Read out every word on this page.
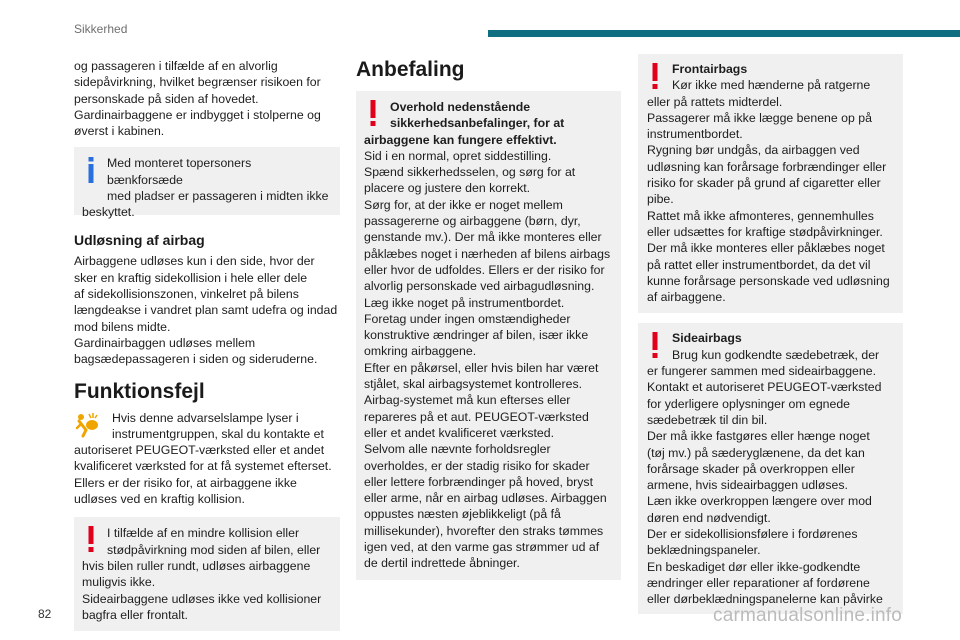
Sikkerhed

og passageren i tilfælde af en alvorlig

sidepåvirkning, hvilket begrænser risikoen for

personskade på siden af hovedet.

Gardinairbaggene er indbygget i stolperne og

øverst i kabinen.

Med monteret topersoners bænkforsæde

med pladser er passageren i midten ikke

beskyttet.

Udløsning af airbag

Airbaggene udløses kun i den side, hvor der

sker en kraftig sidekollision i hele eller dele

af sidekollisionszonen, vinkelret på bilens

længdeakse i vandret plan samt udefra og indad

mod bilens midte.

Gardinairbaggen udløses mellem

bagsædepassageren i siden og sideruderne.

Funktionsfejl

Hvis denne advarselslampe lyser i

instrumentgruppen, skal du kontakte et

autoriseret PEUGEOT-værksted eller et andet

kvalificeret værksted for at få systemet efterset.

Ellers er der risiko for, at airbaggene ikke

udløses ved en kraftig kollision.

I tilfælde af en mindre kollision eller

stødpåvirkning mod siden af bilen, eller

hvis bilen ruller rundt, udløses airbaggene

muligvis ikke.

Sideairbaggene udløses ikke ved kollisioner

bagfra eller frontalt.

Anbefaling

Overhold nedenstående

sikkerhedsanbefalinger, for at

airbaggene kan fungere effektivt.

Sid i en normal, opret siddestilling.

Spænd sikkerhedsselen, og sørg for at

placere og justere den korrekt.

Sørg for, at der ikke er noget mellem

passagererne og airbaggene (børn, dyr,

genstande mv.). Der må ikke monteres eller

påklæbes noget i nærheden af bilens airbags

eller hvor de udfoldes. Ellers er der risiko for

alvorlig personskade ved airbagudløsning.

Læg ikke noget på instrumentbordet.

Foretag under ingen omstændigheder

konstruktive ændringer af bilen, især ikke

omkring airbaggene.

Efter en påkørsel, eller hvis bilen har været

stjålet, skal airbagsystemet kontrolleres.

Airbag-systemet må kun efterses eller

repareres på et aut. PEUGEOT-værksted

eller et andet kvalificeret værksted.

Selvom alle nævnte forholdsregler

overholdes, er der stadig risiko for skader

eller lettere forbrændinger på hoved, bryst

eller arme, når en airbag udløses. Airbaggen

oppustes næsten øjeblikkeligt (på få

millisekunder), hvorefter den straks tømmes

igen ved, at den varme gas strømmer ud af

de dertil indrettede åbninger.

Frontairbags

Kør ikke med hænderne på ratgerne

eller på rattets midterdel.

Passagerer må ikke lægge benene op på

instrumentbordet.

Rygning bør undgås, da airbaggen ved

udløsning kan forårsage forbrændinger eller

risiko for skader på grund af cigaretter eller

pibe.

Rattet må ikke afmonteres, gennemhulles

eller udsættes for kraftige stødpåvirkninger.

Der må ikke monteres eller påklæbes noget

på rattet eller instrumentbordet, da det vil

kunne forårsage personskade ved udløsning

af airbaggene.

Sideairbags

Brug kun godkendte sædebetræk, der

er fungerer sammen med sideairbaggene.

Kontakt et autoriseret PEUGEOT-værksted

for yderligere oplysninger om egnede

sædebetræk til din bil.

Der må ikke fastgøres eller hænge noget

(tøj mv.) på sæderyglænene, da det kan

forårsage skader på overkroppen eller

armene, hvis sideairbaggen udløses.

Læn ikke overkroppen længere over mod

døren end nødvendigt.

Der er sidekollisionsfølere i fordørenes

beklædningspaneler.

En beskadiget dør eller ikke-godkendte

ændringer eller reparationer af fordørene

eller dørbeklædningspanelerne kan påvirke

82	carmanualsonline.info
